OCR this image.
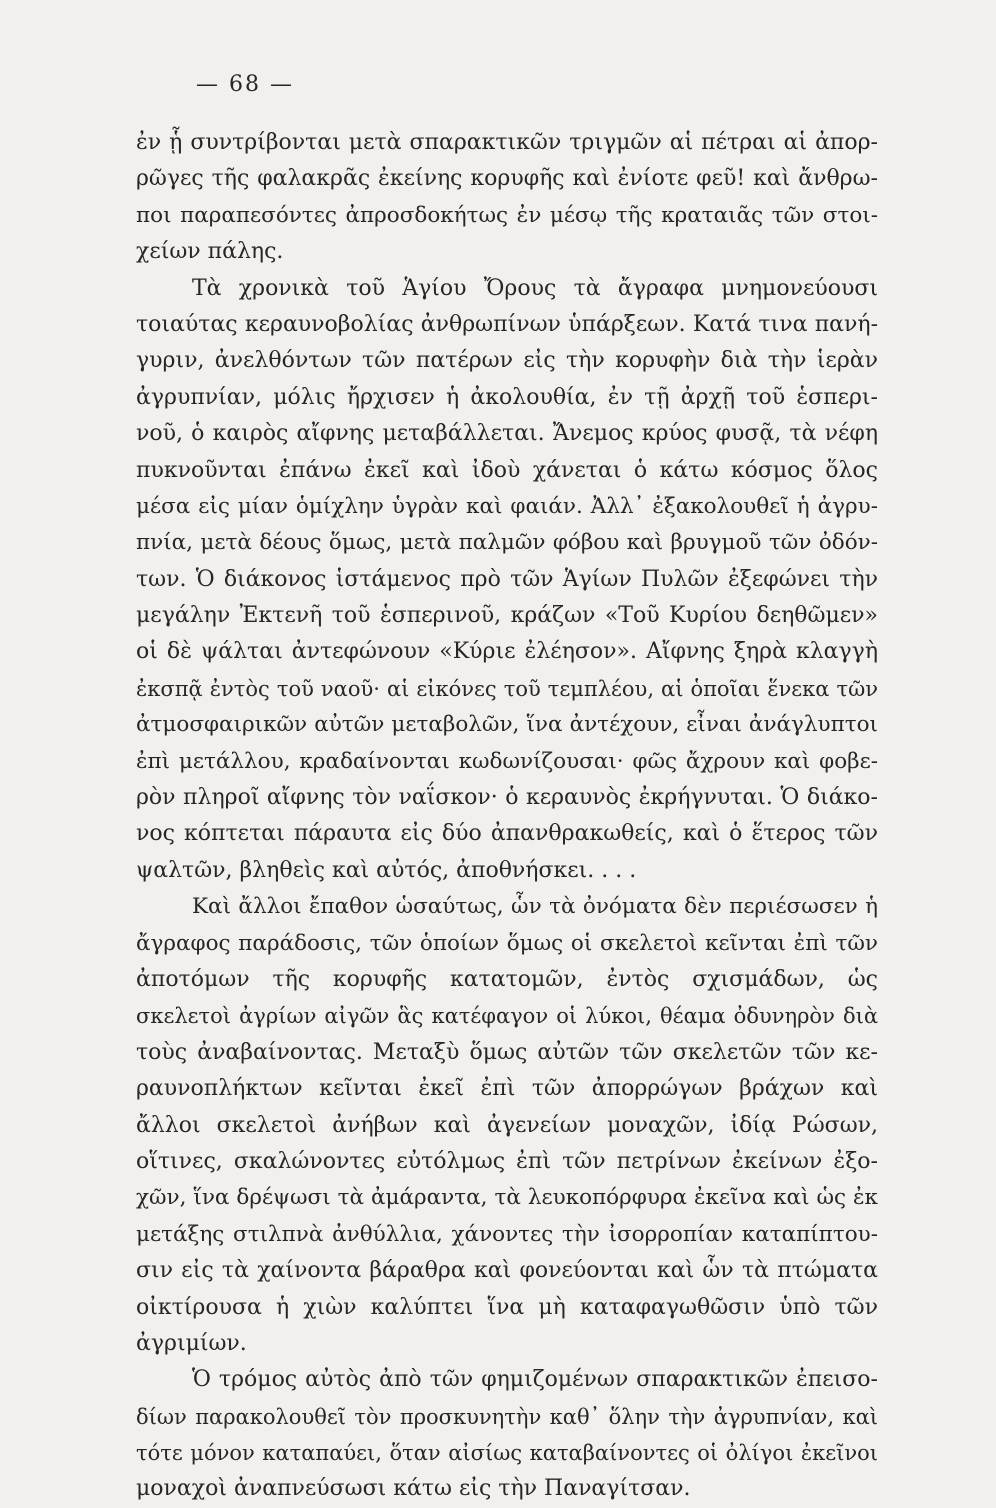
— 68 —
ἐν ᾗ συντρίβονται μετὰ σπαρακτικῶν τριγμῶν αἱ πέτραι αἱ ἀπορ-
ρῶγες τῆς φαλακρᾶς ἐκείνης κορυφῆς καὶ ἐνίοτε φεῦ! καὶ ἄνθρω-
ποι παραπεσόντες ἀπροσδοκήτως ἐν μέσῳ τῆς κραταιᾶς τῶν στοι-
χείων πάλης.
Τὰ χρονικὰ τοῦ Ἁγίου Ὄρους τὰ ἄγραφα μνημονεύουσι
τοιαύτας κεραυνοβολίας ἀνθρωπίνων ὑπάρξεων. Κατά τινα πανή-
γυριν, ἀνελθόντων τῶν πατέρων εἰς τὴν κορυφὴν διὰ τὴν ἱερὰν
ἀγρυπνίαν, μόλις ἤρχισεν ἡ ἀκολουθία, ἐν τῇ ἀρχῇ τοῦ ἑσπερι-
νοῦ, ὁ καιρὸς αἴφνης μεταβάλλεται. Ἄνεμος κρύος φυσᾷ, τὰ νέφη
πυκνοῦνται ἐπάνω ἐκεῖ καὶ ἰδοὺ χάνεται ὁ κάτω κόσμος ὅλος
μέσα εἰς μίαν ὁμίχλην ὑγρὰν καὶ φαιάν. Ἀλλ᾿ ἐξακολουθεῖ ἡ ἀγρυ-
πνία, μετὰ δέους ὅμως, μετὰ παλμῶν φόβου καὶ βρυγμοῦ τῶν ὀδόν-
των. Ὁ διάκονος ἱστάμενος πρὸ τῶν Ἁγίων Πυλῶν ἐξεφώνει τὴν
μεγάλην Ἐκτενῆ τοῦ ἑσπερινοῦ, κράζων «Τοῦ Κυρίου δεηθῶμεν»
οἱ δὲ ψάλται ἀντεφώνουν «Κύριε ἐλέησον». Αἴφνης ξηρὰ κλαγγὴ
ἐκσπᾷ ἐντὸς τοῦ ναοῦ· αἱ εἰκόνες τοῦ τεμπλέου, αἱ ὁποῖαι ἕνεκα τῶν
ἀτμοσφαιρικῶν αὐτῶν μεταβολῶν, ἵνα ἀντέχουν, εἶναι ἀνάγλυπτοι
ἐπὶ μετάλλου, κραδαίνονται κωδωνίζουσαι· φῶς ἄχρουν καὶ φοβε-
ρὸν πληροῖ αἴφνης τὸν ναΐσκον· ὁ κεραυνὸς ἐκρήγνυται. Ὁ διάκο-
νος κόπτεται πάραυτα εἰς δύο ἀπανθρακωθείς, καὶ ὁ ἕτερος τῶν
ψαλτῶν, βληθεὶς καὶ αὐτός, ἀποθνήσκει. . . .
Καὶ ἄλλοι ἔπαθον ὡσαύτως, ὧν τὰ ὀνόματα δὲν περιέσωσεν ἡ
ἄγραφος παράδοσις, τῶν ὁποίων ὅμως οἱ σκελετοὶ κεῖνται ἐπὶ τῶν
ἀποτόμων τῆς κορυφῆς κατατομῶν, ἐντὸς σχισμάδων, ὡς
σκελετοὶ ἀγρίων αἰγῶν ἃς κατέφαγον οἱ λύκοι, θέαμα ὀδυνηρὸν διὰ
τοὺς ἀναβαίνοντας. Μεταξὺ ὅμως αὐτῶν τῶν σκελετῶν τῶν κε-
ραυνοπλήκτων κεῖνται ἐκεῖ ἐπὶ τῶν ἀπορρώγων βράχων καὶ
ἄλλοι σκελετοὶ ἀνήβων καὶ ἀγενείων μοναχῶν, ἰδίᾳ Ρώσων,
οἵτινες, σκαλώνοντες εὐτόλμως ἐπὶ τῶν πετρίνων ἐκείνων ἐξο-
χῶν, ἵνα δρέψωσι τὰ ἀμάραντα, τὰ λευκοπόρφυρα ἐκεῖνα καὶ ὡς ἐκ
μετάξης στιλπνὰ ἀνθύλλια, χάνοντες τὴν ἰσορροπίαν καταπίπτου-
σιν εἰς τὰ χαίνοντα βάραθρα καὶ φονεύονται καὶ ὧν τὰ πτώματα
οἰκτίρουσα ἡ χιὼν καλύπτει ἵνα μὴ καταφαγωθῶσιν ὑπὸ τῶν
ἀγριμίων.
Ὁ τρόμος αὐτὸς ἀπὸ τῶν φημιζομένων σπαρακτικῶν ἐπεισο-
δίων παρακολουθεῖ τὸν προσκυνητὴν καθ᾿ ὅλην τὴν ἀγρυπνίαν, καὶ
τότε μόνον καταπαύει, ὅταν αἰσίως καταβαίνοντες οἱ ὀλίγοι ἐκεῖνοι
μοναχοὶ ἀναπνεύσωσι κάτω εἰς τὴν Παναγίτσαν.
